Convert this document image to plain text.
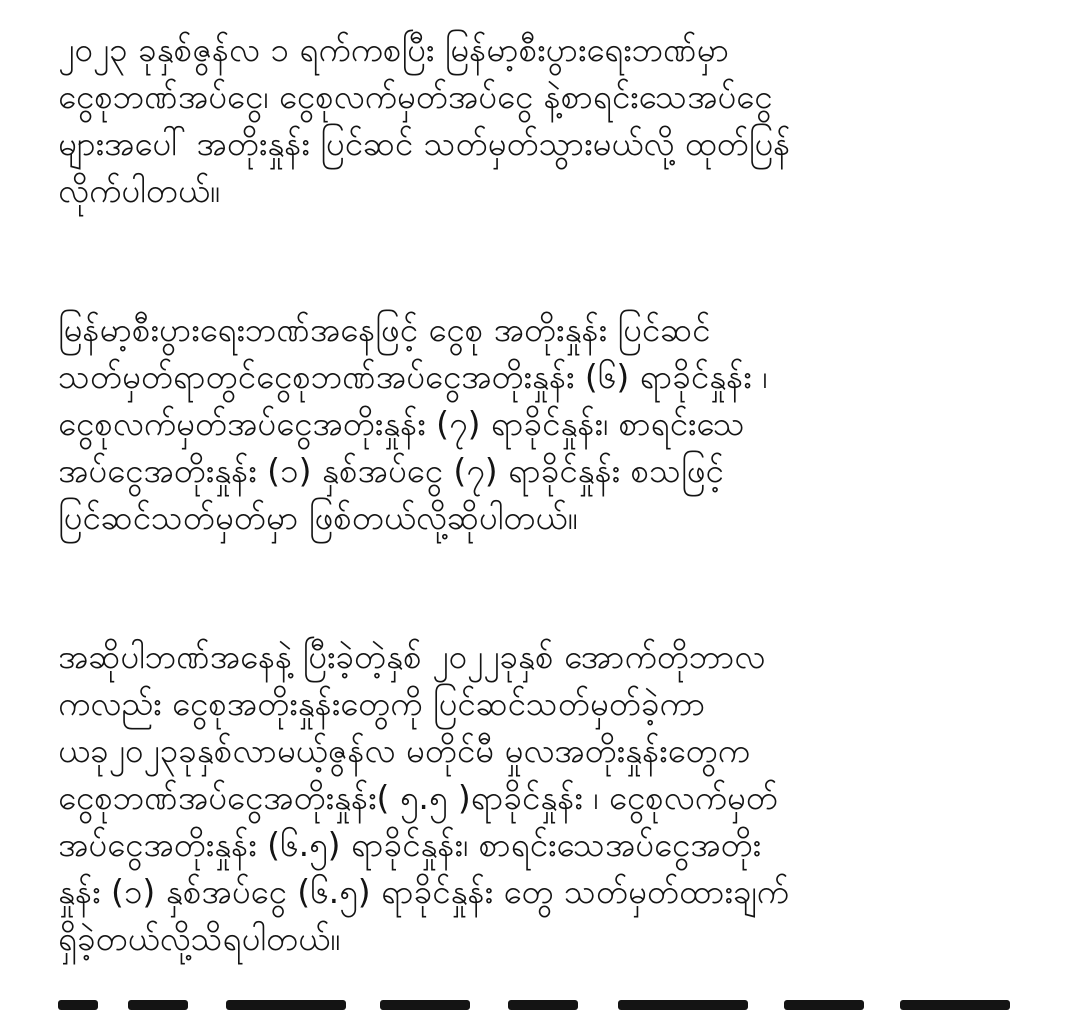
၂၀၂၃ ခုနှစ်ဇွန်လ ၁ ရက်ကစပြီး မြန်မာ့စီးပွားရေးဘဏ်မှာ
ငွေစုဘဏ်အပ်ငွေ၊ ငွေစုလက်မှတ်အပ်ငွေ နဲ့စာရင်းသေအပ်ငွေ
များအပေါ် အတိုးနှုန်း ပြင်ဆင် သတ်မှတ်သွားမယ်လို့ ထုတ်ပြန်
လိုက်ပါတယ်။

မြန်မာ့စီးပွားရေးဘဏ်အနေဖြင့် ငွေစု အတိုးနှုန်း ပြင်ဆင်
သတ်မှတ်ရာတွင်ငွေစုဘဏ်အပ်ငွေအတိုးနှုန်း (၆) ရာခိုင်နှုန်း ၊
ငွေစုလက်မှတ်အပ်ငွေအတိုးနှုန်း (၇) ရာခိုင်နှုန်း၊ စာရင်းသေ
အပ်ငွေအတိုးနှုန်း (၁) နှစ်အပ်ငွေ (၇) ရာခိုင်နှုန်း စသဖြင့်
ပြင်ဆင်သတ်မှတ်မှာ ဖြစ်တယ်လို့ဆိုပါတယ်။

အဆိုပါဘဏ်အနေနဲ့ ပြီးခဲ့တဲ့နှစ် ၂၀၂၂ခုနှစ် အောက်တိုဘာလ
ကလည်း ငွေစုအတိုးနှုန်းတွေကို ပြင်ဆင်သတ်မှတ်ခဲ့ကာ
ယခု၂၀၂၃ခုနှစ်လာမယ့်ဇွန်လ မတိုင်မီ မှုလအတိုးနှုန်းတွေက
ငွေစုဘဏ်အပ်ငွေအတိုးနှုန်း( ၅.၅ )ရာခိုင်နှုန်း ၊ ငွေစုလက်မှတ်
အပ်ငွေအတိုးနှုန်း (၆.၅) ရာခိုင်နှုန်း၊ စာရင်းသေအပ်ငွေအတိုး
နှုန်း (၁) နှစ်အပ်ငွေ (၆.၅) ရာခိုင်နှုန်း တွေ သတ်မှတ်ထားချက်
ရှိခဲ့တယ်လို့သိရပါတယ်။
